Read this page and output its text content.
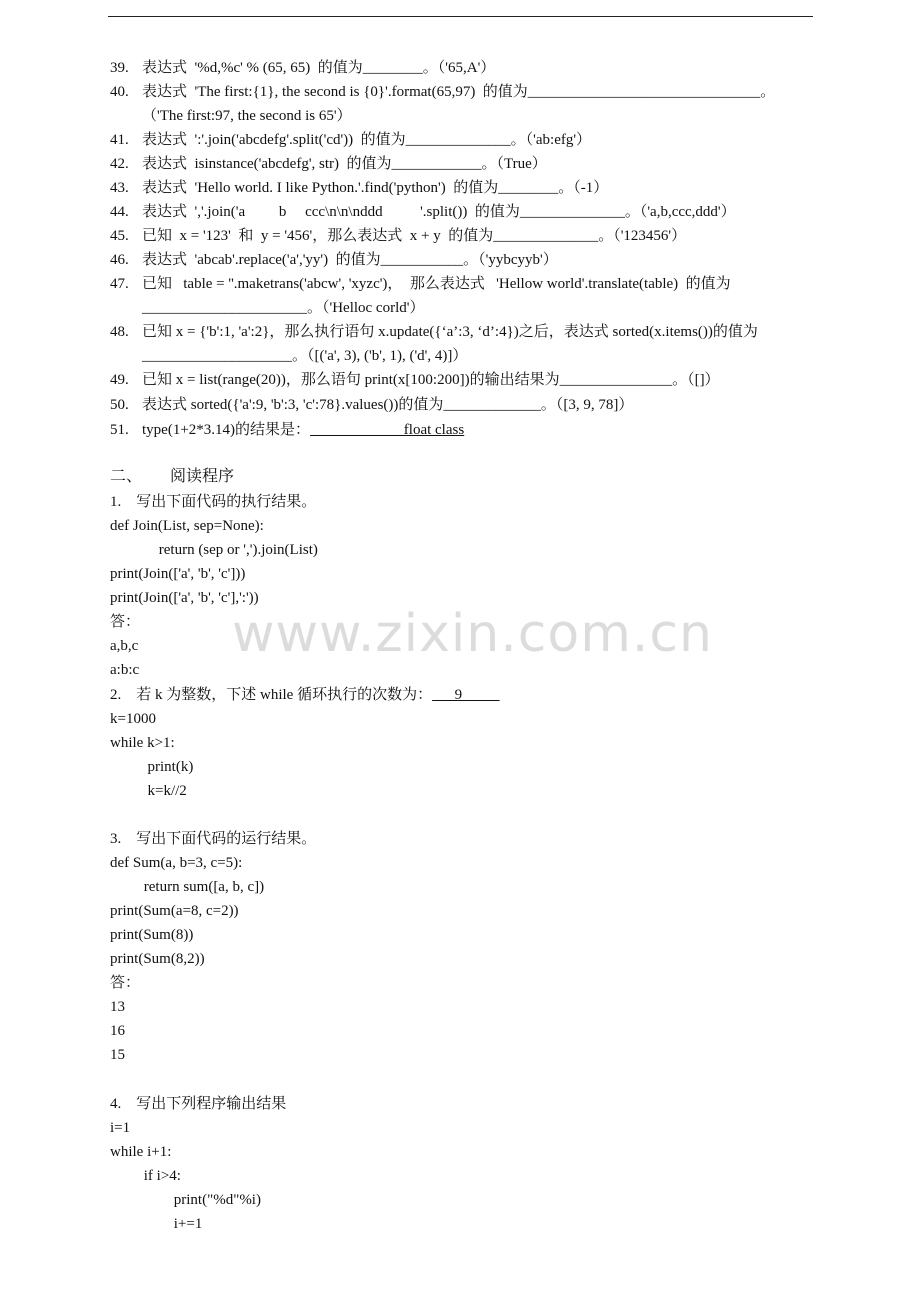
39. 表达式  '%d,%c' % (65, 65)  的值为________。（'65,A'）
40. 表达式  'The first:{1}, the second is {0}'.format(65,97)  的值为_______________________________。
（'The first:97, the second is 65'）
41. 表达式  ':'.join('abcdefg'.split('cd'))  的值为______________。（'ab:efg'）
42. 表达式  isinstance('abcdefg', str)  的值为____________。（True）
43. 表达式  'Hello world. I like Python.'.find('python')  的值为________。（-1）
44. 表达式  ','.join('a         b     ccc\n\n\nddd          '.split())  的值为______________。（'a,b,ccc,ddd'）
45. 已知  x = '123'  和  y = '456'，那么表达式  x + y  的值为______________。（'123456'）
46. 表达式  'abcab'.replace('a','yy')  的值为___________。（'yybcyyb'）
47. 已知   table = ''.maketrans('abcw', 'xyzc')，  那么表达式   'Hellow world'.translate(table)  的值为
______________________。（'Helloc corld'）
48. 已知 x = {'b':1, 'a':2}，那么执行语句 x.update({‘a’:3, ‘d’:4})之后，表达式 sorted(x.items())的值为
____________________。（[('a', 3), ('b', 1), ('d', 4)]）
49. 已知 x = list(range(20))，那么语句 print(x[100:200])的输出结果为_______________。（[]）
50. 表达式 sorted({'a':9, 'b':3, 'c':78}.values())的值为_____________。（[3, 9, 78]）
51. type(1+2*3.14)的结果是：                         float class
二、       阅读程序
1.    写出下面代码的执行结果。
def Join(List, sep=None):
return (sep or ',').join(List)
print(Join(['a', 'b', 'c']))
print(Join(['a', 'b', 'c'],':'))
答：
a,b,c
a:b:c
2.    若 k 为整数，下述 while 循环执行的次数为：      9
k=1000
while k>1:
print(k)
k=k//2
3.    写出下面代码的运行结果。
def Sum(a, b=3, c=5):
return sum([a, b, c])
print(Sum(a=8, c=2))
print(Sum(8))
print(Sum(8,2))
答：
13
16
15
4.    写出下列程序输出结果
i=1
while i+1:
if i>4:
print("%d"%i)
i+=1
www.zixin.com.cn
